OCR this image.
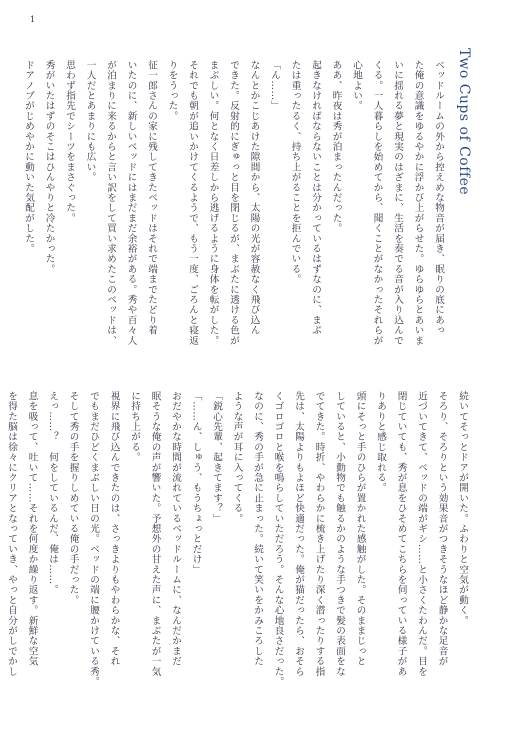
1
Two Cups of Coffee

ベッドルームの外から控えめな物音が届き、眠りの底にあっ

た俺の意識をゆるやかに浮かび上がらせた。ゆらゆらとあいま

いに揺れる夢と現実のはざまに、生活を奏でる音が入り込んで

くる。一人暮らしを始めてから、聞くことがなかったそれらが

心地よい。

ああ、昨夜は秀が泊まったんだった。

起きなければならないことは分かっているはずなのに、まぶ

たは重ったるく、持ち上がることを拒んでいる。

「ん……」

なんとかこじあけた隙間から、太陽の光が容赦なく飛び込ん

できた。反射的にぎゅっと目を閉じるが、まぶたに透ける色が

まぶしい。何となく日差しから逃げるように身体を転がした。

それでも朝が追いかけてくるようで、もう一度、ごろんと寝返

りをうった。

征一郎さんの家に残してきたベッドはそれで端までたどり着

いたのに、新しいベッドにはまだまだ余裕がある。秀や百々人

が泊まりに来るからと言い訳をして買い求めたこのベッドは、

一人だとあまりにも広い。

思わず指先でシーツをまさぐった。

秀がいたはずのそこはひんやりと冷たかった。

ドアノブがじめやかに動いた気配がした。

続いてそっとドアが開いた。ふわりと空気が動く。

そろり、そろりという効果音がつきそうなほど静かな足音が

近づいてきて、ベッドの端がギシ……と小さくたわんだ。目を

閉じていても、秀が息をひそめてこちらを伺っている様子があ

りありと感じ取れる。

頭にそっと手のひらが置かれた感触がした。そのままじっと

していると、小動物でも触るかのような手つきで髪の表面をな

でてきた。時折、やわらかに梳き上げたり深く潜ったりする指

先は、太陽よりもよほど快適だった。俺が猫だったら、おそら

くゴロゴロと喉を鳴らしていただろう。そんな心地良さだった。

なのに、秀の手が急に止まった。続いて笑いをかみころした

ような声が耳に入ってくる。

「鋭心先輩、起きてます？」

「……ん、しゅう、もうちょっとだけ」

おだやかな時間が流れているベッドルームに、なんだかまだ

眠そうな俺の声が響いた。予想外の甘えた声に、まぶたが一気

に持ち上がる。

視界に飛び込んできたのは、さっきよりもやわらかな、それ

でもまだひどくまぶしい日の光。ベッドの端に腰かけている秀。

そして秀の手を握りしめている俺の手だった。

えっ……？　何をしているんだ、俺は……。

息を吸って、吐いて……それを何度か繰り返す。新鮮な空気

を得た脳は徐々にクリアとなっていき、やっと自分がしでかし
